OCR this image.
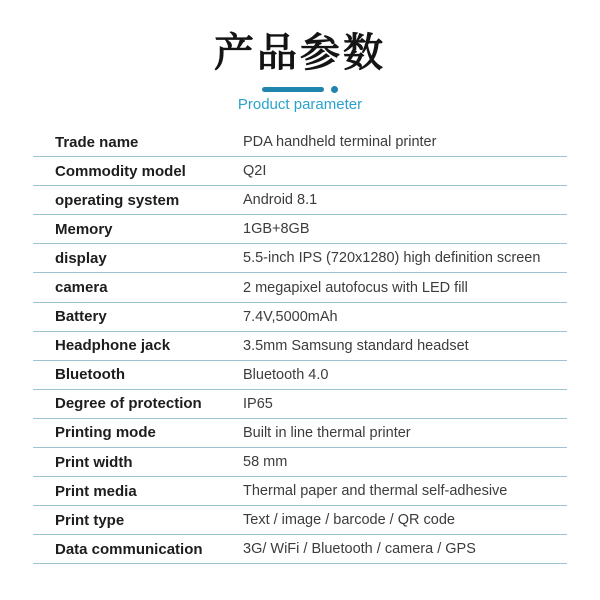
产品参数
Product parameter
Trade name	PDA handheld terminal printer
Commodity model	Q2I
operating system	Android 8.1
Memory	1GB+8GB
display	5.5-inch IPS (720x1280) high definition screen
camera	2 megapixel autofocus with LED fill
Battery	7.4V,5000mAh
Headphone jack	3.5mm Samsung standard headset
Bluetooth	Bluetooth 4.0
Degree of protection	IP65
Printing mode	Built in line thermal printer
Print width	58 mm
Print media	Thermal paper and thermal self-adhesive
Print type	Text / image / barcode / QR code
Data communication	3G/ WiFi / Bluetooth / camera / GPS
